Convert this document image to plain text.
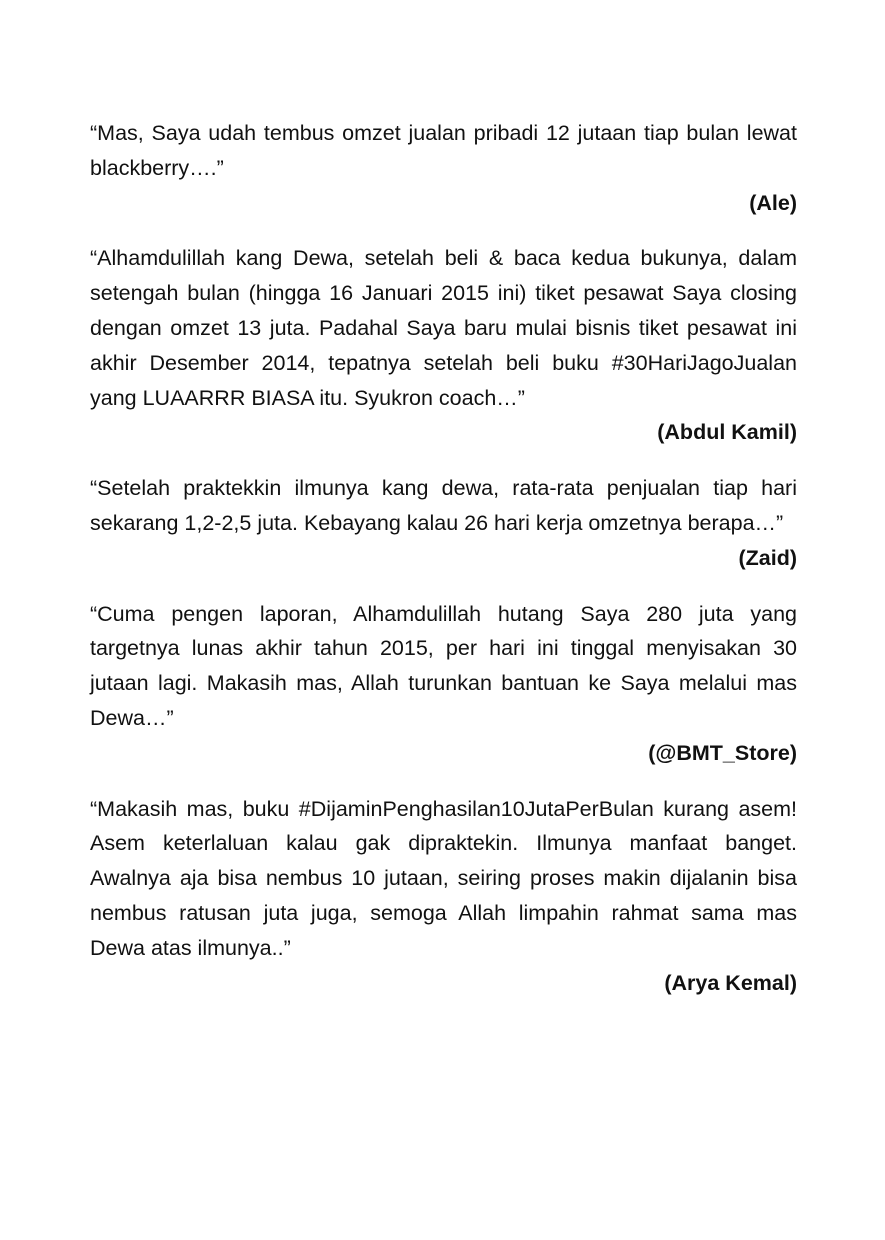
“Mas, Saya udah tembus omzet jualan pribadi 12 jutaan tiap bulan lewat blackberry….”

(Ale)

“Alhamdulillah kang Dewa, setelah beli & baca kedua bukunya, dalam setengah bulan (hingga 16 Januari 2015 ini) tiket pesawat Saya closing dengan omzet 13 juta. Padahal Saya baru mulai bisnis tiket pesawat ini akhir Desember 2014, tepatnya setelah beli buku #30HariJagoJualan yang LUAARRR BIASA itu. Syukron coach…”

(Abdul Kamil)

“Setelah praktekkin ilmunya kang dewa, rata-rata penjualan tiap hari sekarang 1,2-2,5 juta. Kebayang kalau 26 hari kerja omzetnya berapa…”

(Zaid)

“Cuma pengen laporan, Alhamdulillah hutang Saya 280 juta yang targetnya lunas akhir tahun 2015, per hari ini tinggal menyisakan 30 jutaan lagi. Makasih mas, Allah turunkan bantuan ke Saya melalui mas Dewa…”

(@BMT_Store)

“Makasih mas, buku #DijaminPenghasilan10JutaPerBulan kurang asem! Asem keterlaluan kalau gak dipraktekin. Ilmunya manfaat banget. Awalnya aja bisa nembus 10 jutaan, seiring proses makin dijalanin bisa nembus ratusan juta juga, semoga Allah limpahin rahmat sama mas Dewa atas ilmunya..”

(Arya Kemal)
